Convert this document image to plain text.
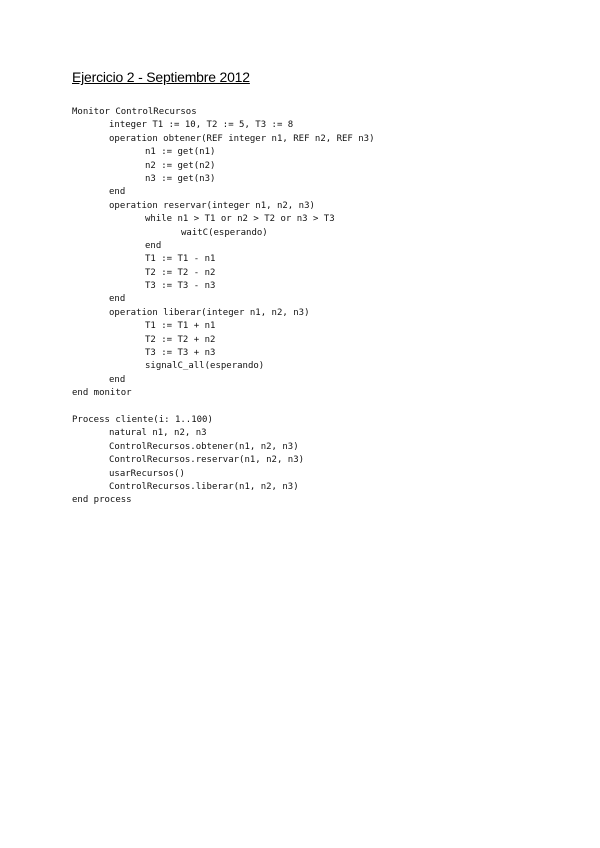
Ejercicio 2 - Septiembre 2012
Monitor ControlRecursos
integer T1 := 10, T2 := 5, T3 := 8
operation obtener(REF integer n1, REF n2, REF n3)
n1 := get(n1)
n2 := get(n2)
n3 := get(n3)
end
operation reservar(integer n1, n2, n3)
while n1 > T1 or n2 > T2 or n3 > T3
waitC(esperando)
end
T1 := T1 - n1
T2 := T2 - n2
T3 := T3 - n3
end
operation liberar(integer n1, n2, n3)
T1 := T1 + n1
T2 := T2 + n2
T3 := T3 + n3
signalC_all(esperando)
end
end monitor
Process cliente(i: 1..100)
natural n1, n2, n3
ControlRecursos.obtener(n1, n2, n3)
ControlRecursos.reservar(n1, n2, n3)
usarRecursos()
ControlRecursos.liberar(n1, n2, n3)
end process
